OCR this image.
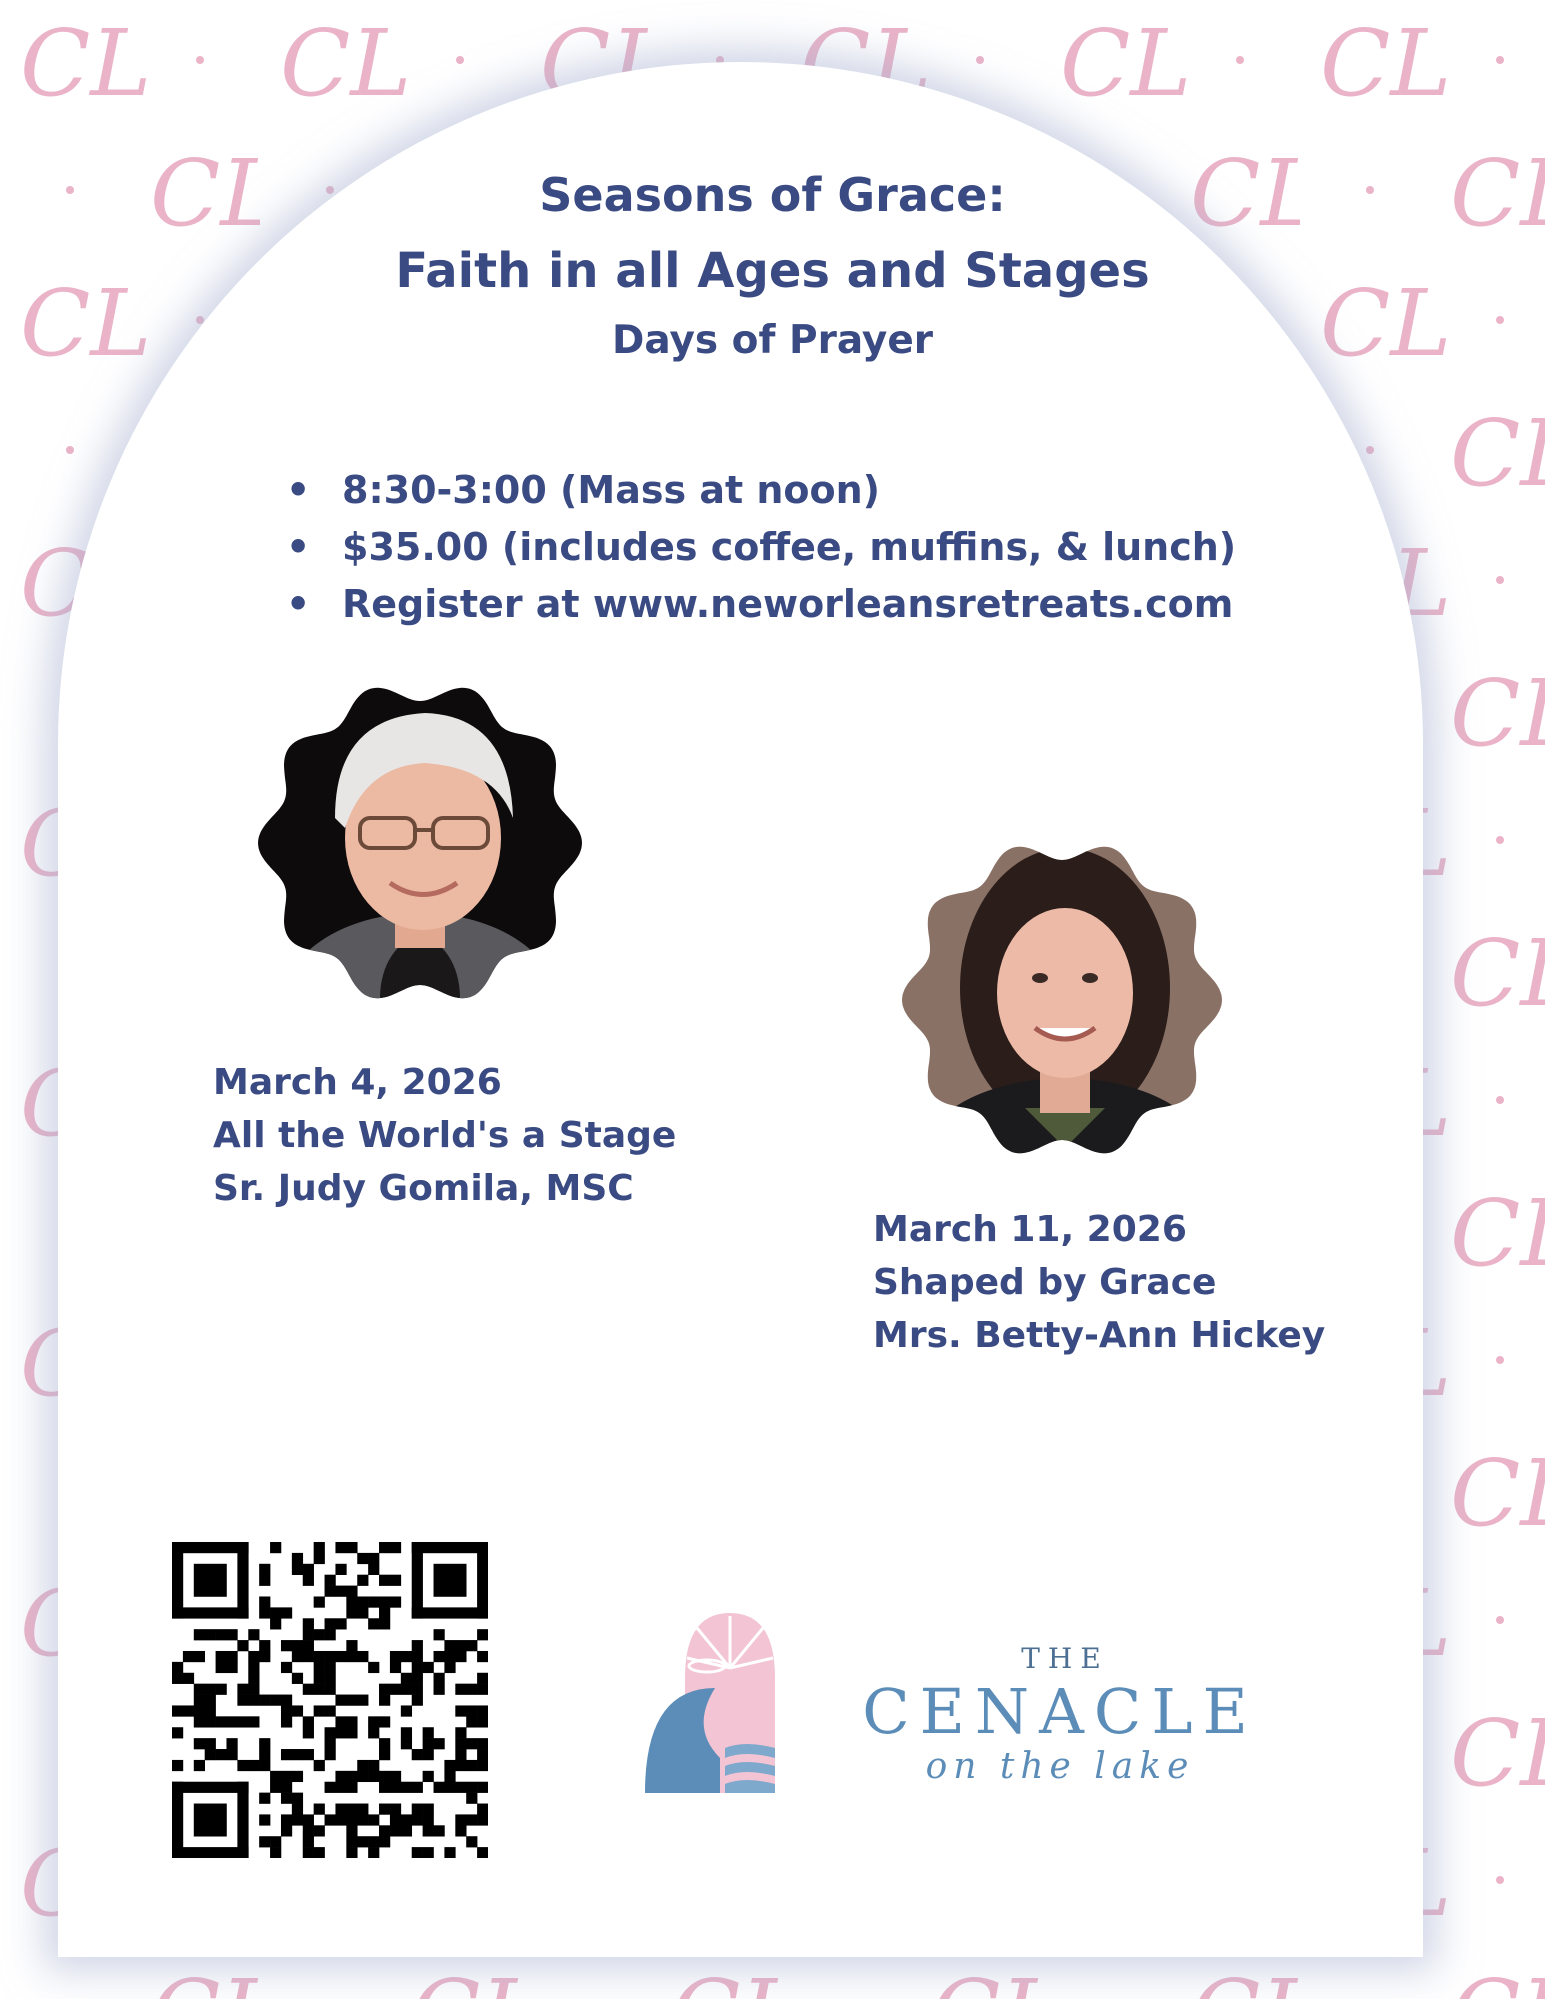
Seasons of Grace:
Faith in all Ages and Stages
Days of Prayer
• 8:30-3:00 (Mass at noon)
• $35.00 (includes coffee, muffins, & lunch)
• Register at www.neworleansretreats.com
March 4, 2026
All the World's a Stage
Sr. Judy Gomila, MSC
March 11, 2026
Shaped by Grace
Mrs. Betty-Ann Hickey
THE
CENACLE
on the lake
